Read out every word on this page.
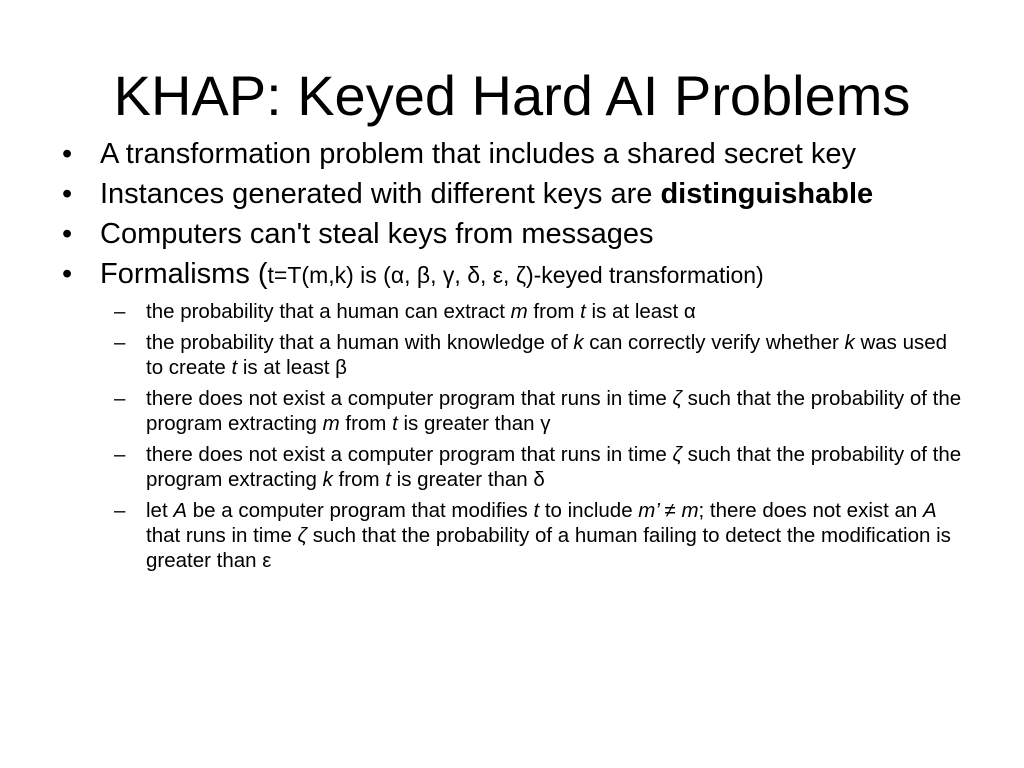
KHAP: Keyed Hard AI Problems
• A transformation problem that includes a shared secret key
• Instances generated with different keys are distinguishable
• Computers can't steal keys from messages
• Formalisms (t=T(m,k) is (α, β, γ, δ, ε, ζ)-keyed transformation)
– the probability that a human can extract m from t is at least α
– the probability that a human with knowledge of k can correctly verify whether k was used to create t is at least β
– there does not exist a computer program that runs in time ζ such that the probability of the program extracting m from t is greater than γ
– there does not exist a computer program that runs in time ζ such that the probability of the program extracting k from t is greater than δ
– let A be a computer program that modifies t to include m’ ≠ m; there does not exist an A that runs in time ζ such that the probability of a human failing to detect the modification is greater than ε
